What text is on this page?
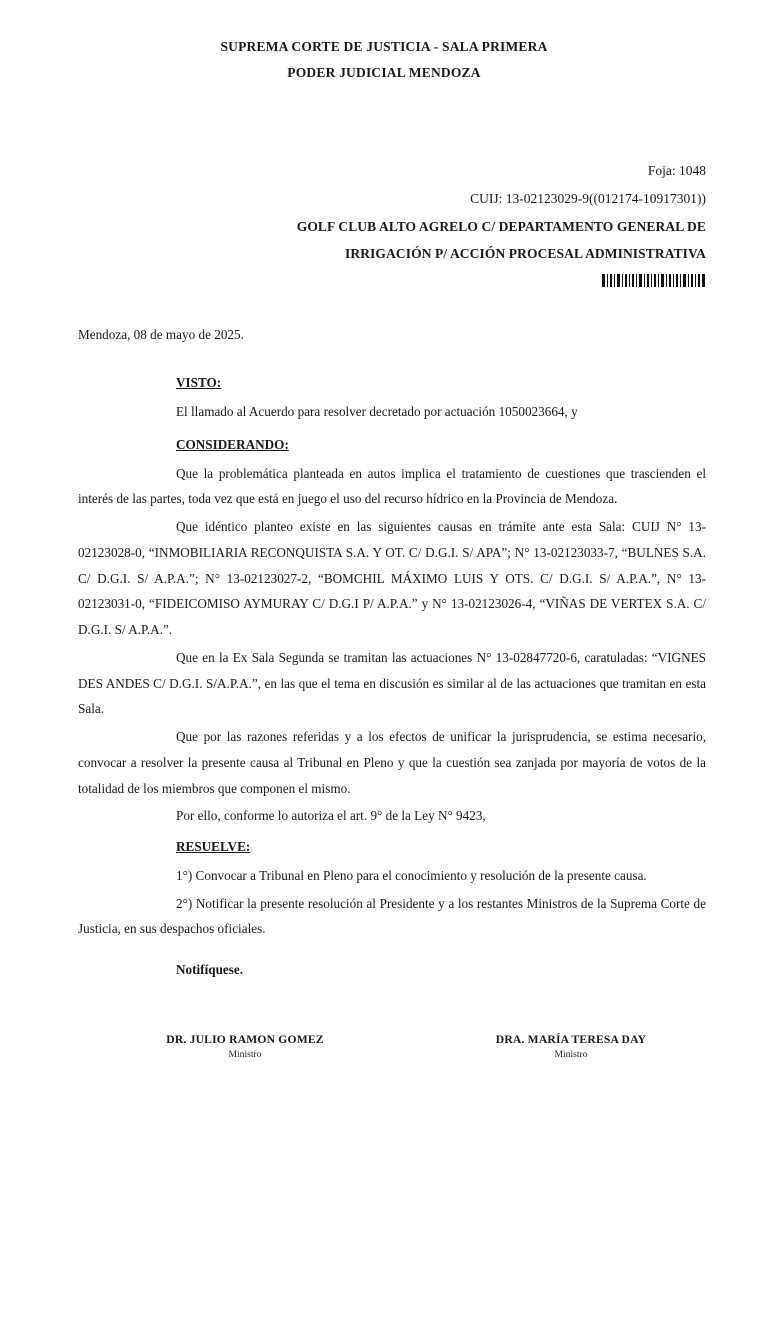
SUPREMA CORTE DE JUSTICIA - SALA PRIMERA
PODER JUDICIAL MENDOZA
Foja: 1048
CUIJ: 13-02123029-9((012174-10917301))
GOLF CLUB ALTO AGRELO C/ DEPARTAMENTO GENERAL DE
IRRIGACIÓN P/ ACCIÓN PROCESAL ADMINISTRATIVA
Mendoza, 08 de mayo de 2025.
VISTO:

El llamado al Acuerdo para resolver decretado por actuación 1050023664, y

CONSIDERANDO:

Que la problemática planteada en autos implica el tratamiento de cuestiones que trascienden el interés de las partes, toda vez que está en juego el uso del recurso hídrico en la Provincia de Mendoza.

Que idéntico planteo existe en las siguientes causas en trámite ante esta Sala: CUIJ N° 13-02123028-0, “INMOBILIARIA RECONQUISTA S.A. Y OT. C/ D.G.I. S/ APA”; N° 13-02123033-7, “BULNES S.A. C/ D.G.I. S/ A.P.A.”; N° 13-02123027-2, “BOMCHIL MÁXIMO LUIS Y OTS. C/ D.G.I. S/ A.P.A.”, N° 13-02123031-0, “FIDEICOMISO AYMURAY C/ D.G.I P/ A.P.A.” y N° 13-02123026-4, “VIÑAS DE VERTEX S.A. C/ D.G.I. S/ A.P.A.”.

Que en la Ex Sala Segunda se tramitan las actuaciones N° 13-02847720-6, caratuladas: “VIGNES DES ANDES C/ D.G.I. S/A.P.A.”, en las que el tema en discusión es similar al de las actuaciones que tramitan en esta Sala.

Que por las razones referidas y a los efectos de unificar la jurisprudencia, se estima necesario, convocar a resolver la presente causa al Tribunal en Pleno y que la cuestión sea zanjada por mayoría de votos de la totalidad de los miembros que componen el mismo.

Por ello, conforme lo autoriza el art. 9° de la Ley N° 9423,

RESUELVE:

1°) Convocar a Tribunal en Pleno para el conocimiento y resolución de la presente causa.

2°) Notificar la presente resolución al Presidente y a los restantes Ministros de la Suprema Corte de Justicia, en sus despachos oficiales.

Notifíquese.
DR. JULIO RAMON GOMEZ
Ministro
DRA. MARÍA TERESA DAY
Ministro
